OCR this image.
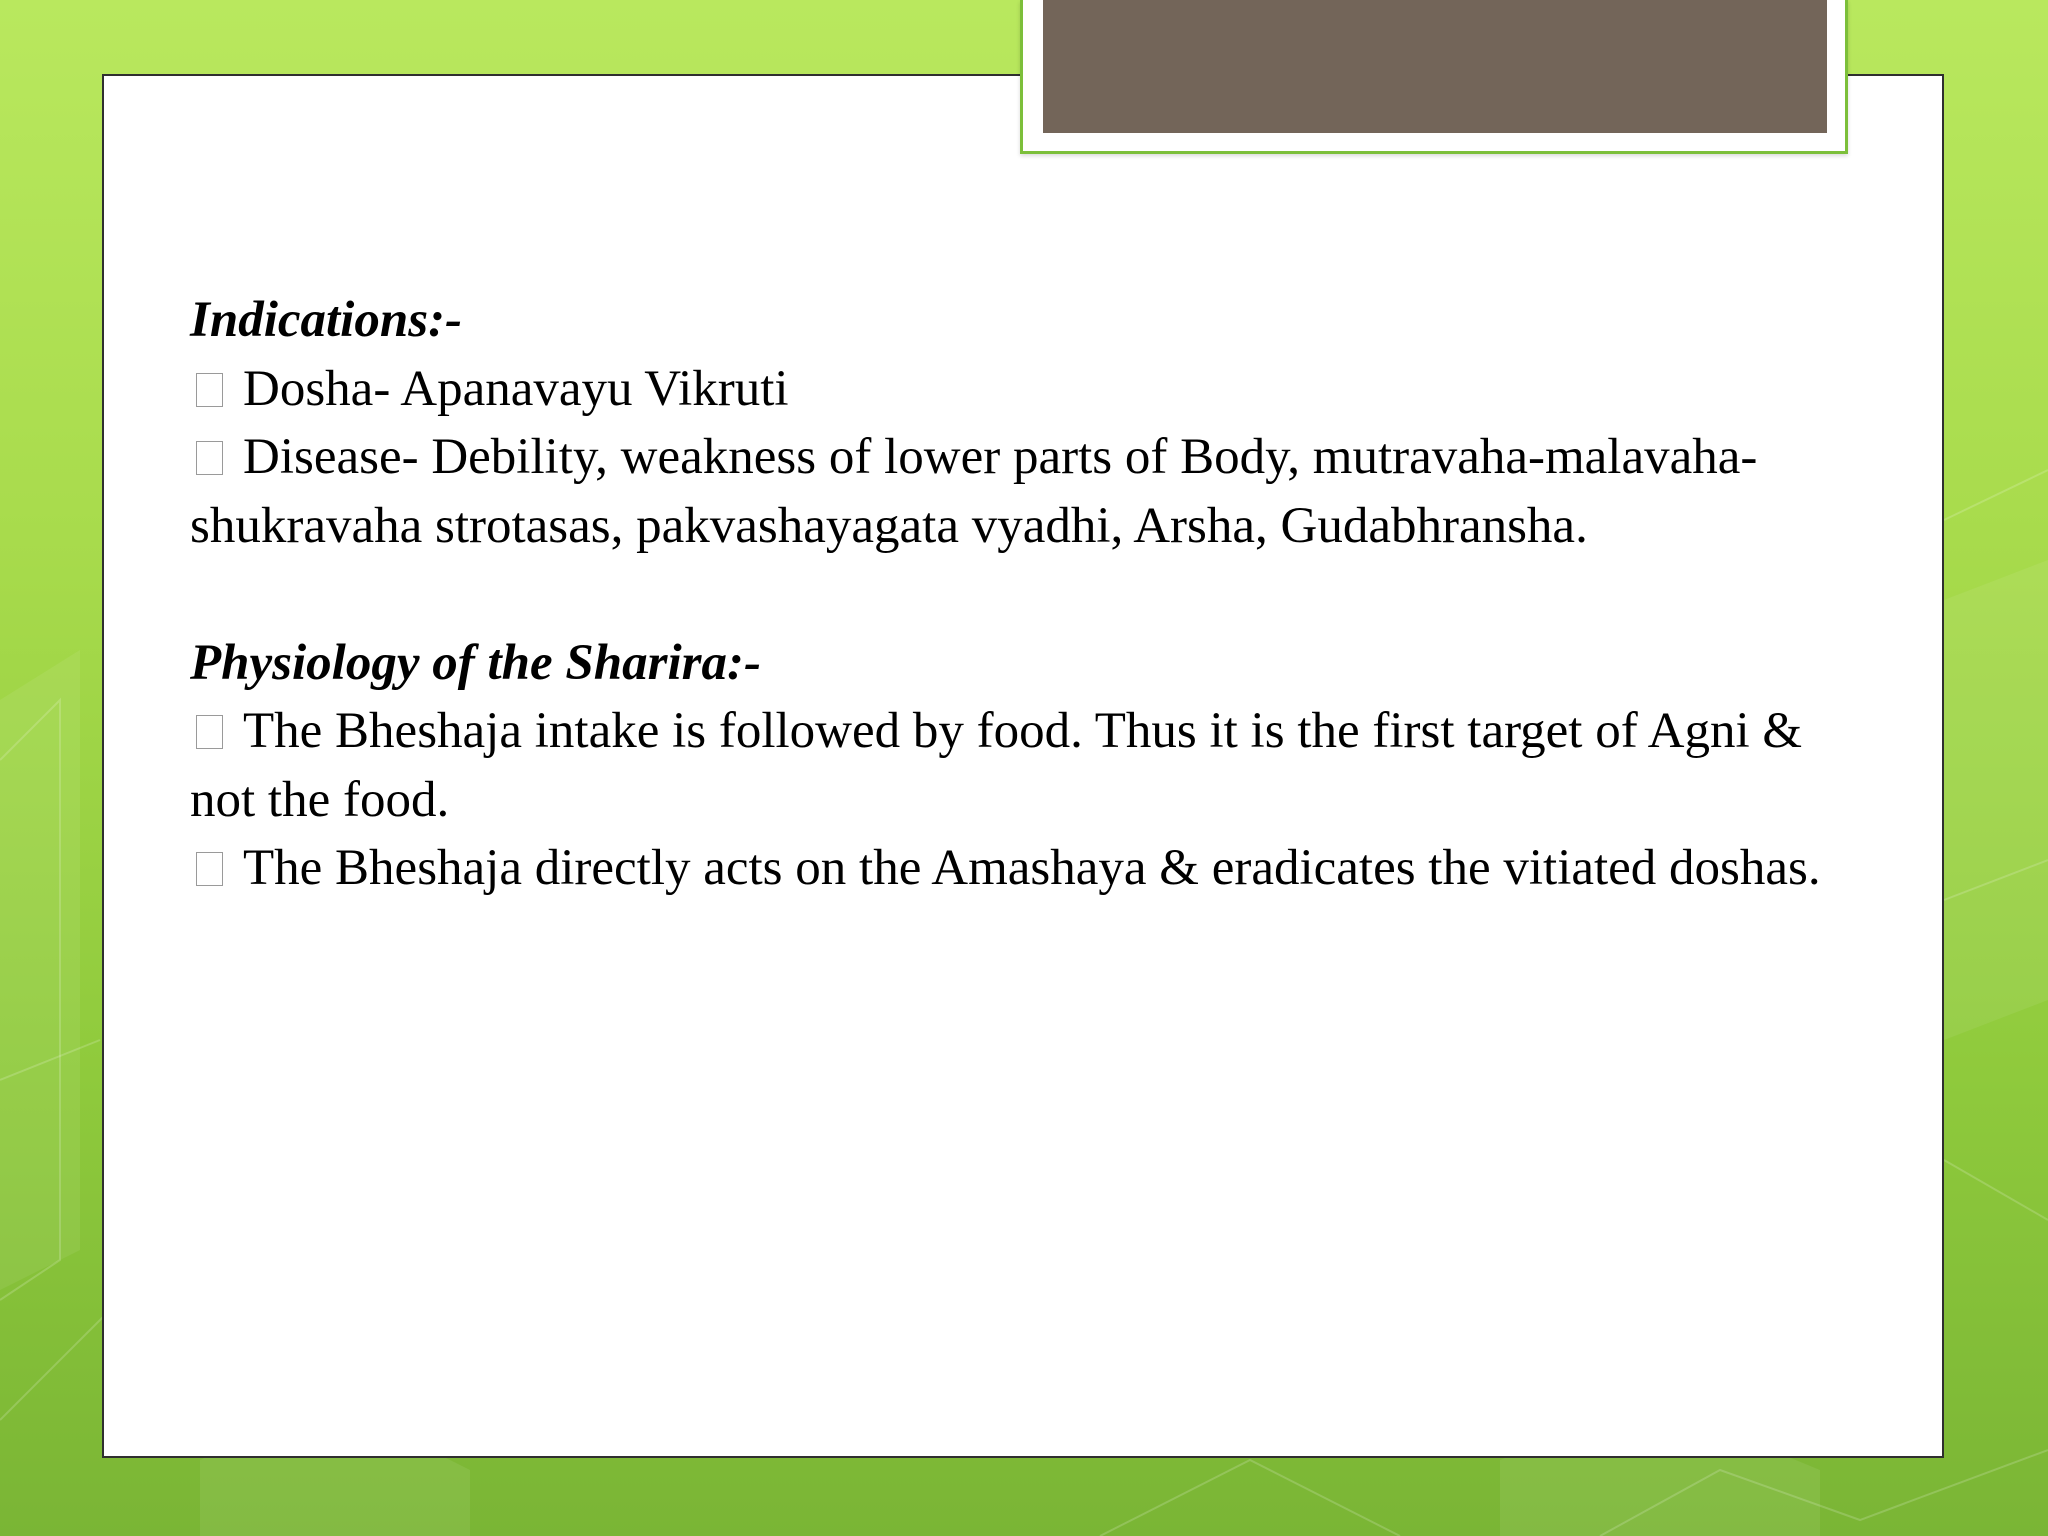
Indications:-
Dosha- Apanavayu Vikruti
Disease- Debility, weakness of lower parts of Body, mutravaha-malavaha-shukravaha strotasas, pakvashayagata vyadhi, Arsha, Gudabhransha.
Physiology of the Sharira:-
The Bheshaja intake is followed by food. Thus it is the first target of Agni & not the food.
The Bheshaja directly acts on the Amashaya & eradicates the vitiated doshas.
